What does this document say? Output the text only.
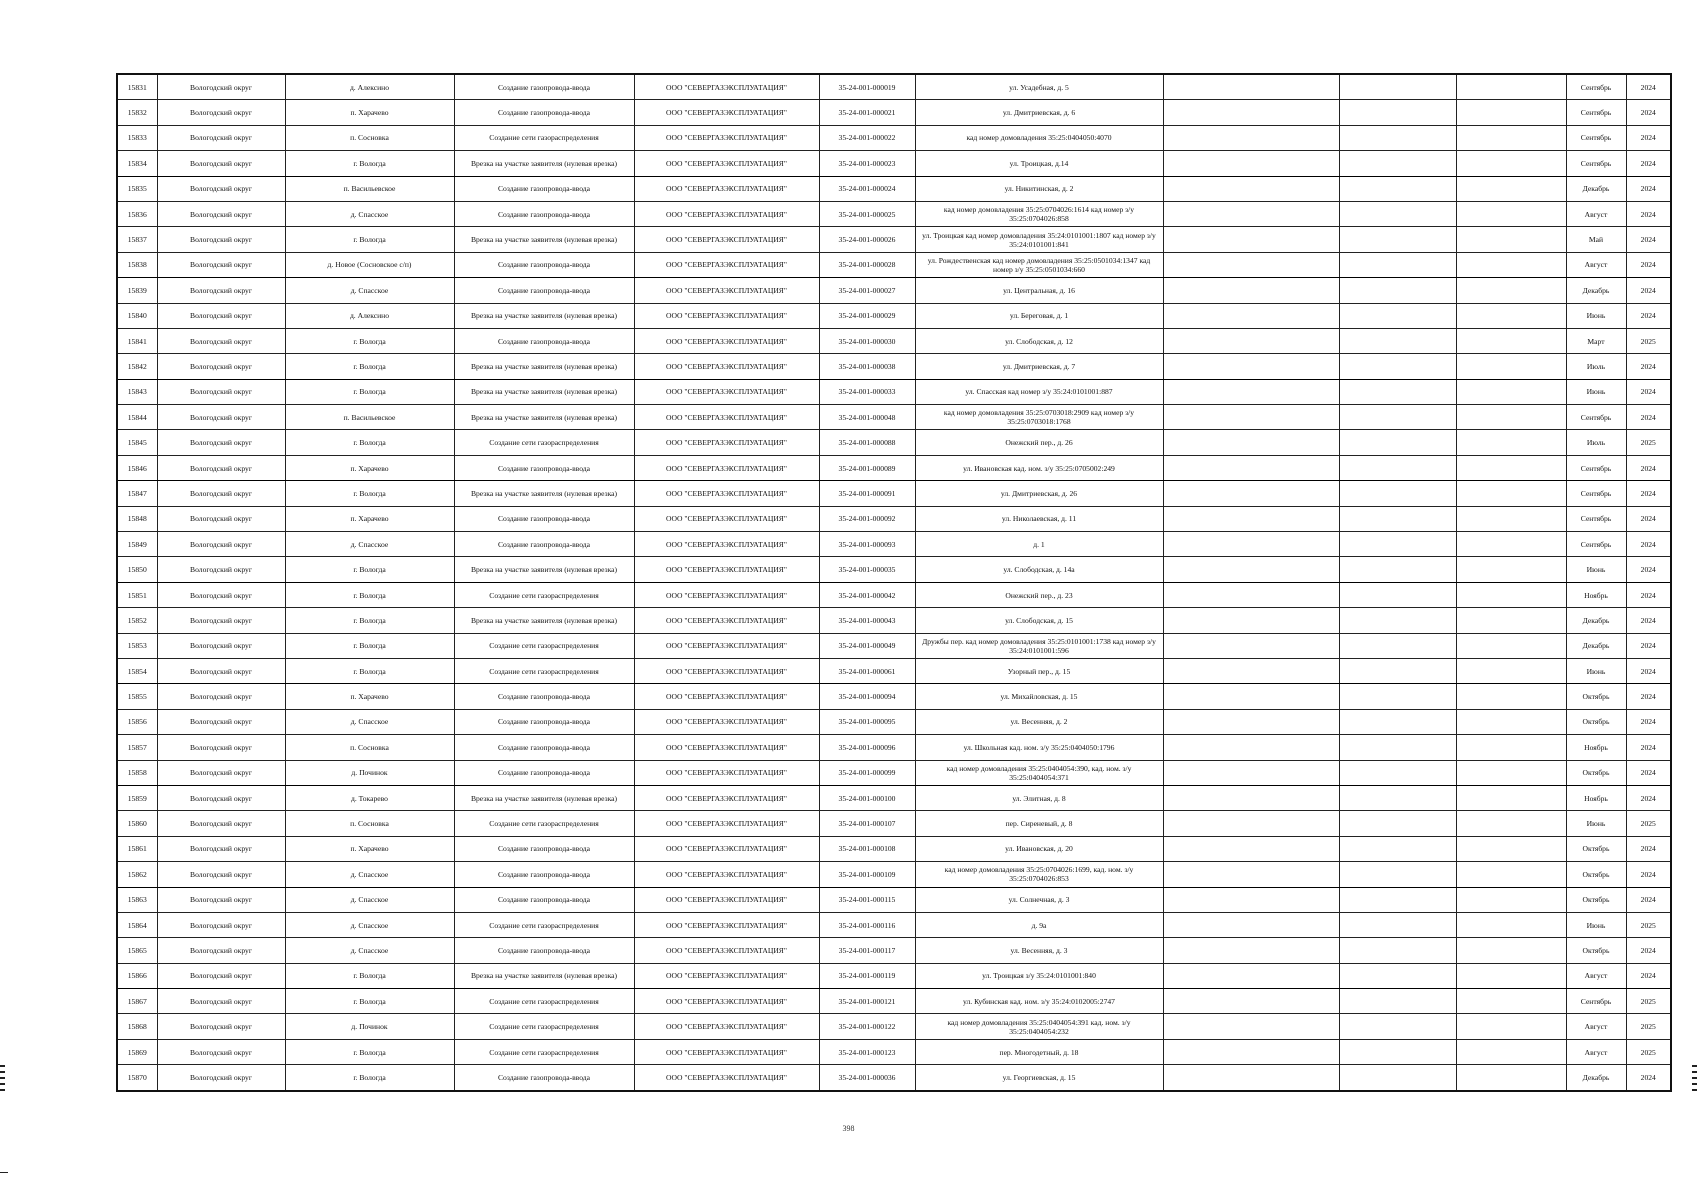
15831	Вологодский округ	д. Алексино	Создание газопровода-ввода	ООО "СЕВЕРГАЗЭКСПЛУАТАЦИЯ"	35-24-001-000019	ул. Усадебная, д. 5				Сентябрь	2024
15832	Вологодский округ	п. Харачево	Создание газопровода-ввода	ООО "СЕВЕРГАЗЭКСПЛУАТАЦИЯ"	35-24-001-000021	ул. Дмитриевская, д. 6				Сентябрь	2024
15833	Вологодский округ	п. Сосновка	Создание сети газораспределения	ООО "СЕВЕРГАЗЭКСПЛУАТАЦИЯ"	35-24-001-000022	кад номер домовладения 35:25:0404050:4070				Сентябрь	2024
15834	Вологодский округ	г. Вологда	Врезка на участке заявителя (нулевая врезка)	ООО "СЕВЕРГАЗЭКСПЛУАТАЦИЯ"	35-24-001-000023	ул. Троицкая, д.14				Сентябрь	2024
15835	Вологодский округ	п. Васильевское	Создание газопровода-ввода	ООО "СЕВЕРГАЗЭКСПЛУАТАЦИЯ"	35-24-001-000024	ул. Никитинская, д. 2				Декабрь	2024
15836	Вологодский округ	д. Спасское	Создание газопровода-ввода	ООО "СЕВЕРГАЗЭКСПЛУАТАЦИЯ"	35-24-001-000025	кад номер домовладения 35:25:0704026:1614 кад номер з/у 35:25:0704026:858				Август	2024
15837	Вологодский округ	г. Вологда	Врезка на участке заявителя (нулевая врезка)	ООО "СЕВЕРГАЗЭКСПЛУАТАЦИЯ"	35-24-001-000026	ул. Троицкая кад номер домовладения 35:24:0101001:1807 кад номер з/у 35:24:0101001:841				Май	2024
15838	Вологодский округ	д. Новое (Сосновское с/п)	Создание газопровода-ввода	ООО "СЕВЕРГАЗЭКСПЛУАТАЦИЯ"	35-24-001-000028	ул. Рождественская кад номер домовладения 35:25:0501034:1347 кад номер з/у 35:25:0501034:660				Август	2024
15839	Вологодский округ	д. Спасское	Создание газопровода-ввода	ООО "СЕВЕРГАЗЭКСПЛУАТАЦИЯ"	35-24-001-000027	ул. Центральная, д. 16				Декабрь	2024
15840	Вологодский округ	д. Алексино	Врезка на участке заявителя (нулевая врезка)	ООО "СЕВЕРГАЗЭКСПЛУАТАЦИЯ"	35-24-001-000029	ул. Береговая, д. 1				Июнь	2024
15841	Вологодский округ	г. Вологда	Создание газопровода-ввода	ООО "СЕВЕРГАЗЭКСПЛУАТАЦИЯ"	35-24-001-000030	ул. Слободская, д. 12				Март	2025
15842	Вологодский округ	г. Вологда	Врезка на участке заявителя (нулевая врезка)	ООО "СЕВЕРГАЗЭКСПЛУАТАЦИЯ"	35-24-001-000038	ул. Дмитриевская, д. 7				Июль	2024
15843	Вологодский округ	г. Вологда	Врезка на участке заявителя (нулевая врезка)	ООО "СЕВЕРГАЗЭКСПЛУАТАЦИЯ"	35-24-001-000033	ул. Спасская кад номер з/у 35:24:0101001:887				Июнь	2024
15844	Вологодский округ	п. Васильевское	Врезка на участке заявителя (нулевая врезка)	ООО "СЕВЕРГАЗЭКСПЛУАТАЦИЯ"	35-24-001-000048	кад номер домовладения 35:25:0703018:2909 кад номер з/у 35:25:0703018:1768				Сентябрь	2024
15845	Вологодский округ	г. Вологда	Создание сети газораспределения	ООО "СЕВЕРГАЗЭКСПЛУАТАЦИЯ"	35-24-001-000088	Онежский пер., д. 26				Июль	2025
15846	Вологодский округ	п. Харачево	Создание газопровода-ввода	ООО "СЕВЕРГАЗЭКСПЛУАТАЦИЯ"	35-24-001-000089	ул. Ивановская кад. ном. з/у 35:25:0705002:249				Сентябрь	2024
15847	Вологодский округ	г. Вологда	Врезка на участке заявителя (нулевая врезка)	ООО "СЕВЕРГАЗЭКСПЛУАТАЦИЯ"	35-24-001-000091	ул. Дмитриевская, д. 26				Сентябрь	2024
15848	Вологодский округ	п. Харачево	Создание газопровода-ввода	ООО "СЕВЕРГАЗЭКСПЛУАТАЦИЯ"	35-24-001-000092	ул. Николаевская, д. 11				Сентябрь	2024
15849	Вологодский округ	д. Спасское	Создание газопровода-ввода	ООО "СЕВЕРГАЗЭКСПЛУАТАЦИЯ"	35-24-001-000093	д. 1				Сентябрь	2024
15850	Вологодский округ	г. Вологда	Врезка на участке заявителя (нулевая врезка)	ООО "СЕВЕРГАЗЭКСПЛУАТАЦИЯ"	35-24-001-000035	ул. Слободская, д. 14а				Июнь	2024
15851	Вологодский округ	г. Вологда	Создание сети газораспределения	ООО "СЕВЕРГАЗЭКСПЛУАТАЦИЯ"	35-24-001-000042	Онежский пер., д. 23				Ноябрь	2024
15852	Вологодский округ	г. Вологда	Врезка на участке заявителя (нулевая врезка)	ООО "СЕВЕРГАЗЭКСПЛУАТАЦИЯ"	35-24-001-000043	ул. Слободская, д. 15				Декабрь	2024
15853	Вологодский округ	г. Вологда	Создание сети газораспределения	ООО "СЕВЕРГАЗЭКСПЛУАТАЦИЯ"	35-24-001-000049	Дружбы пер. кад номер домовладения 35:25:0101001:1738 кад номер з/у 35:24:0101001:596				Декабрь	2024
15854	Вологодский округ	г. Вологда	Создание сети газораспределения	ООО "СЕВЕРГАЗЭКСПЛУАТАЦИЯ"	35-24-001-000061	Узорный пер., д. 15				Июнь	2024
15855	Вологодский округ	п. Харачево	Создание газопровода-ввода	ООО "СЕВЕРГАЗЭКСПЛУАТАЦИЯ"	35-24-001-000094	ул. Михайловская, д. 15				Октябрь	2024
15856	Вологодский округ	д. Спасское	Создание газопровода-ввода	ООО "СЕВЕРГАЗЭКСПЛУАТАЦИЯ"	35-24-001-000095	ул. Весенняя, д. 2				Октябрь	2024
15857	Вологодский округ	п. Сосновка	Создание газопровода-ввода	ООО "СЕВЕРГАЗЭКСПЛУАТАЦИЯ"	35-24-001-000096	ул. Школьная кад. ном. з/у 35:25:0404050:1796				Ноябрь	2024
15858	Вологодский округ	д. Починок	Создание газопровода-ввода	ООО "СЕВЕРГАЗЭКСПЛУАТАЦИЯ"	35-24-001-000099	кад номер домовладения 35:25:0404054:390, кад. ном. з/у 35:25:0404054:371				Октябрь	2024
15859	Вологодский округ	д. Токарево	Врезка на участке заявителя (нулевая врезка)	ООО "СЕВЕРГАЗЭКСПЛУАТАЦИЯ"	35-24-001-000100	ул. Элитная, д. 8				Ноябрь	2024
15860	Вологодский округ	п. Сосновка	Создание сети газораспределения	ООО "СЕВЕРГАЗЭКСПЛУАТАЦИЯ"	35-24-001-000107	пер. Сиреневый, д. 8				Июнь	2025
15861	Вологодский округ	п. Харачево	Создание газопровода-ввода	ООО "СЕВЕРГАЗЭКСПЛУАТАЦИЯ"	35-24-001-000108	ул. Ивановская, д. 20				Октябрь	2024
15862	Вологодский округ	д. Спасское	Создание газопровода-ввода	ООО "СЕВЕРГАЗЭКСПЛУАТАЦИЯ"	35-24-001-000109	кад номер домовладения 35:25:0704026:1699, кад. ном. з/у 35:25:0704026:853				Октябрь	2024
15863	Вологодский округ	д. Спасское	Создание газопровода-ввода	ООО "СЕВЕРГАЗЭКСПЛУАТАЦИЯ"	35-24-001-000115	ул. Солнечная, д. 3				Октябрь	2024
15864	Вологодский округ	д. Спасское	Создание сети газораспределения	ООО "СЕВЕРГАЗЭКСПЛУАТАЦИЯ"	35-24-001-000116	д. 9а				Июнь	2025
15865	Вологодский округ	д. Спасское	Создание газопровода-ввода	ООО "СЕВЕРГАЗЭКСПЛУАТАЦИЯ"	35-24-001-000117	ул. Весенняя, д. 3				Октябрь	2024
15866	Вологодский округ	г. Вологда	Врезка на участке заявителя (нулевая врезка)	ООО "СЕВЕРГАЗЭКСПЛУАТАЦИЯ"	35-24-001-000119	ул. Троицкая з/у 35:24:0101001:840				Август	2024
15867	Вологодский округ	г. Вологда	Создание сети газораспределения	ООО "СЕВЕРГАЗЭКСПЛУАТАЦИЯ"	35-24-001-000121	ул. Кубинская кад. ном. з/у 35:24:0102005:2747				Сентябрь	2025
15868	Вологодский округ	д. Починок	Создание сети газораспределения	ООО "СЕВЕРГАЗЭКСПЛУАТАЦИЯ"	35-24-001-000122	кад номер домовладения 35:25:0404054:391 кад. ном. з/у 35:25:0404054:232				Август	2025
15869	Вологодский округ	г. Вологда	Создание сети газораспределения	ООО "СЕВЕРГАЗЭКСПЛУАТАЦИЯ"	35-24-001-000123	пер. Многодетный, д. 18				Август	2025
15870	Вологодский округ	г. Вологда	Создание газопровода-ввода	ООО "СЕВЕРГАЗЭКСПЛУАТАЦИЯ"	35-24-001-000036	ул. Георгиевская, д. 15				Декабрь	2024
398
